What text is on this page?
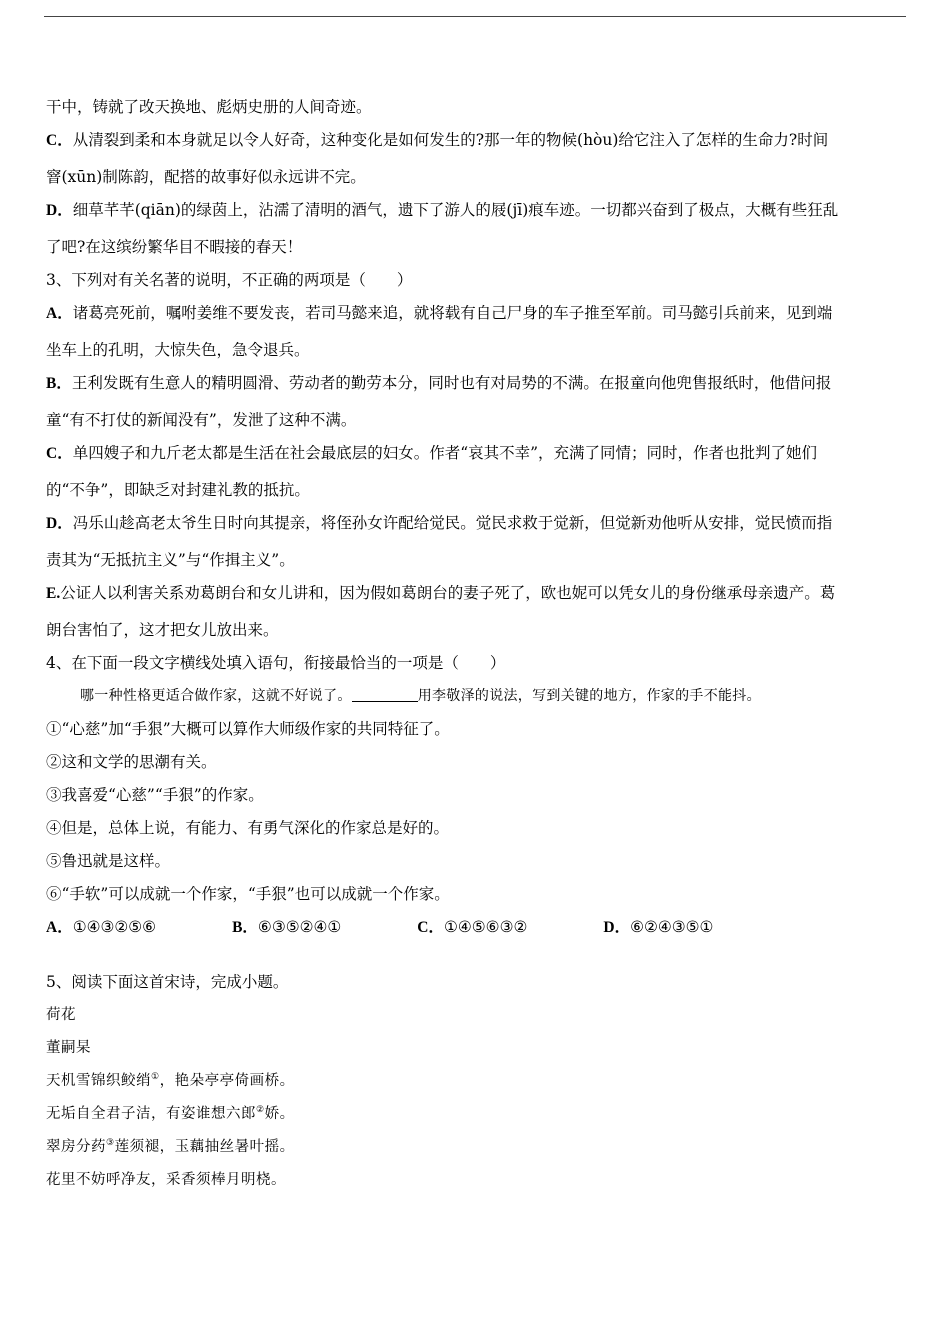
干中，铸就了改天换地、彪炳史册的人间奇迹。

C．从清裂到柔和本身就足以令人好奇，这种变化是如何发生的?那一年的物候(hòu)给它注入了怎样的生命力?时间

窨(xūn)制陈韵，配搭的故事好似永远讲不完。

D．细草芊芊(qiān)的绿茵上，沾濡了清明的酒气，遗下了游人的屐(jī)痕车迹。一切都兴奋到了极点，大概有些狂乱

了吧?在这缤纷繁华目不暇接的春天！

3、下列对有关名著的说明，不正确的两项是（　　）

A．诸葛亮死前，嘱咐姜维不要发丧，若司马懿来追，就将载有自己尸身的车子推至军前。司马懿引兵前来，见到端

坐车上的孔明，大惊失色，急令退兵。

B．王利发既有生意人的精明圆滑、劳动者的勤劳本分，同时也有对局势的不满。在报童向他兜售报纸时，他借问报

童“有不打仗的新闻没有”，发泄了这种不满。

C．单四嫂子和九斤老太都是生活在社会最底层的妇女。作者“哀其不幸”，充满了同情；同时，作者也批判了她们

的“不争”，即缺乏对封建礼教的抵抗。

D．冯乐山趁高老太爷生日时向其提亲，将侄孙女许配给觉民。觉民求救于觉新，但觉新劝他听从安排，觉民愤而指

责其为“无抵抗主义”与“作揖主义”。

E.公证人以利害关系劝葛朗台和女儿讲和，因为假如葛朗台的妻子死了，欧也妮可以凭女儿的身份继承母亲遗产。葛

朗台害怕了，这才把女儿放出来。

4、在下面一段文字横线处填入语句，衔接最恰当的一项是（　　）

哪一种性格更适合做作家，这就不好说了。	用李敬泽的说法，写到关键的地方，作家的手不能抖。

①“心慈”加“手狠”大概可以算作大师级作家的共同特征了。

②这和文学的思潮有关。

③我喜爱“心慈”“手狠”的作家。

④但是，总体上说，有能力、有勇气深化的作家总是好的。

⑤鲁迅就是这样。

⑥“手软”可以成就一个作家，“手狠”也可以成就一个作家。

A．①④③②⑤⑥	B．⑥③⑤②④①	C．①④⑤⑥③②	D．⑥②④③⑤①

5、阅读下面这首宋诗，完成小题。

荷花

董嗣杲

天机雪锦织鲛绡①，艳朵亭亭倚画桥。

无垢自全君子洁，有姿谁想六郎②娇。

翠房分药③莲须褪，玉藕抽丝暑叶摇。

花里不妨呼净友，采香须棒月明桡。
